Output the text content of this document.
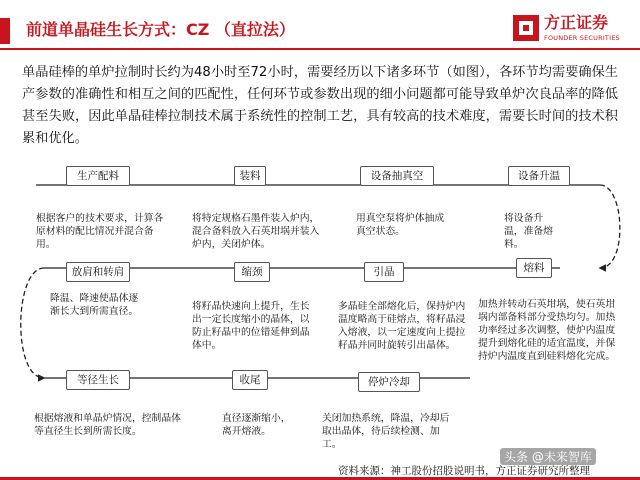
前道单晶硅生长方式：CZ （直拉法）	方正证券
FOUNDER SECURITIES
单晶硅棒的单炉拉制时长约为48小时至72小时，需要经历以下诸多环节（如图），各环节均需要确保生产参数的准确性和相互之间的匹配性，任何环节或参数出现的细小问题都可能导致单炉次良品率的降低甚至失败，因此单晶硅棒拉制技术属于系统性的控制工艺，具有较高的技术难度，需要长时间的技术积累和优化。
生产配料
根据客户的技术要求，计算各原材料的配比情况并混合备用。
装料
将特定规格石墨件装入炉内，混合备料放入石英坩埚并装入炉内，关闭炉体。
设备抽真空
用真空泵将炉体抽成真空状态。
设备升温
将设备升温，准备熔料。
放肩和转肩
降温、降速使晶体逐渐长大到所需直径。
缩颈
将籽晶快速向上提升，生长出一定长度缩小的晶体，以防止籽晶中的位错延伸到晶体中。
引晶
多晶硅全部熔化后，保持炉内温度略高于硅熔点，将籽晶浸入熔液，以一定速度向上提拉籽晶并同时旋转引出晶体。
熔料
加热并转动石英坩埚，使石英坩埚内部备料部分受热均匀。加热功率经过多次调整，使炉内温度提升到熔化硅的适宜温度，并保持炉内温度直到硅料熔化完成。
等径生长
根据熔液和单晶炉情况，控制晶体等直径生长到所需长度。
收尾
直径逐渐缩小，离开熔液。
停炉冷却
关闭加热系统，降温，冷却后取出晶体，待后续检测、加工。
头条 @未来智库
资料来源：神工股份招股说明书，方正证券研究所整理
